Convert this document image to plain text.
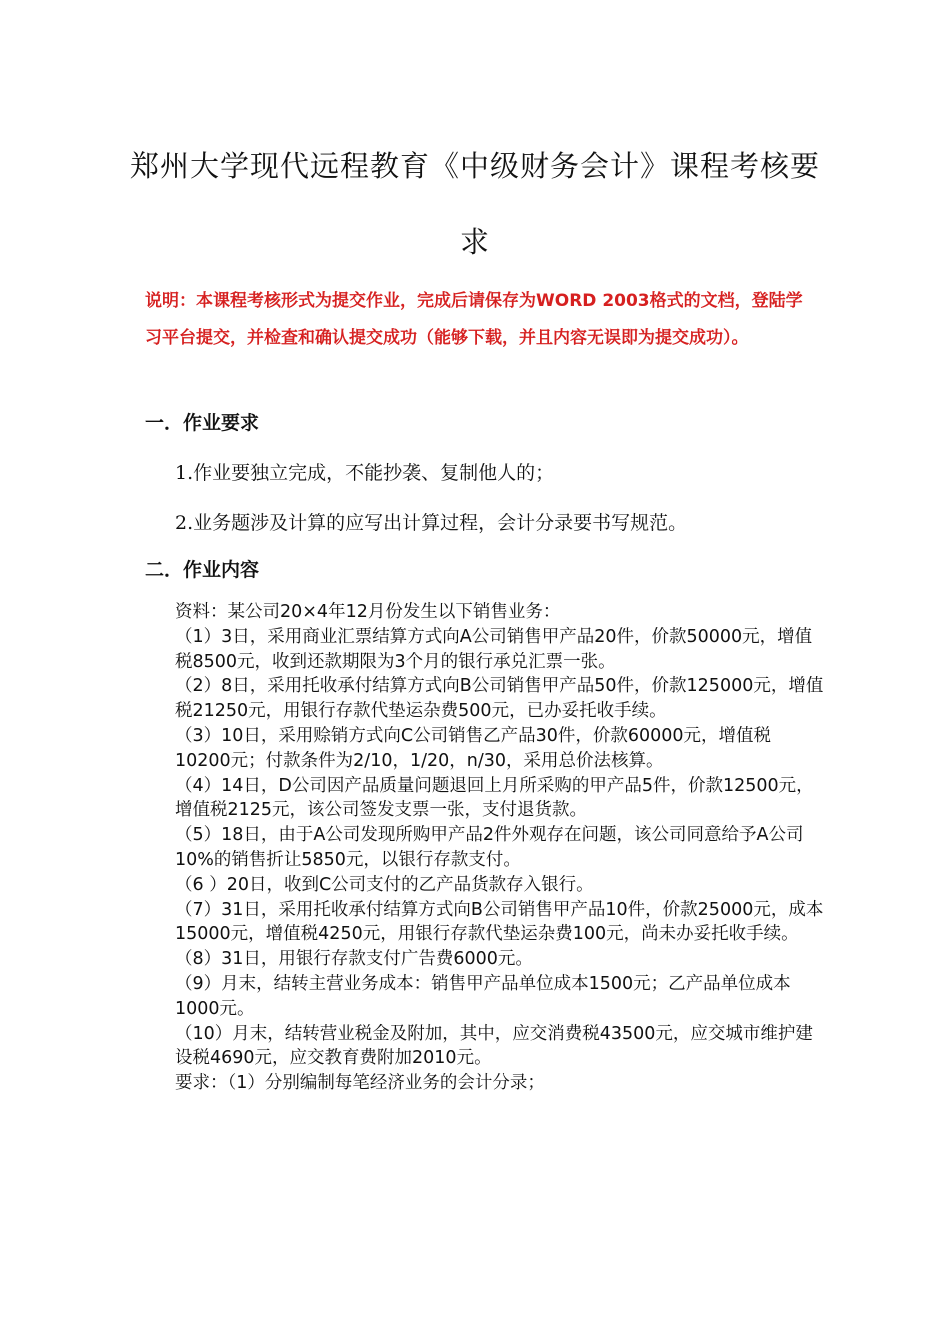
郑州大学现代远程教育《中级财务会计》课程考核要
求
说明：本课程考核形式为提交作业，完成后请保存为WORD 2003格式的文档，登陆学习平台提交，并检查和确认提交成功（能够下载，并且内容无误即为提交成功）。
一．作业要求
1.作业要独立完成，不能抄袭、复制他人的；
2.业务题涉及计算的应写出计算过程，会计分录要书写规范。
二．作业内容

资料：某公司20×4年12月份发生以下销售业务：

（1）3日，采用商业汇票结算方式向A公司销售甲产品20件，价款50000元，增值税8500元，收到还款期限为3个月的银行承兑汇票一张。

（2）8日，采用托收承付结算方式向B公司销售甲产品50件，价款125000元，增值税21250元，用银行存款代垫运杂费500元，已办妥托收手续。

（3）10日，采用赊销方式向C公司销售乙产品30件，价款60000元，增值税10200元；付款条件为2/10，1/20，n/30，采用总价法核算。

（4）14日，D公司因产品质量问题退回上月所采购的甲产品5件，价款12500元，增值税2125元，该公司签发支票一张，支付退货款。

（5）18日，由于A公司发现所购甲产品2件外观存在问题，该公司同意给予A公司10%的销售折让5850元，以银行存款支付。

（6 ）20日，收到C公司支付的乙产品货款存入银行。

（7）31日，采用托收承付结算方式向B公司销售甲产品10件，价款25000元，成本15000元，增值税4250元，用银行存款代垫运杂费100元，尚未办妥托收手续。

（8）31日，用银行存款支付广告费6000元。

（9）月末，结转主营业务成本：销售甲产品单位成本1500元；乙产品单位成本1000元。

（10）月末，结转营业税金及附加，其中，应交消费税43500元，应交城市维护建设税4690元，应交教育费附加2010元。

要求：（1）分别编制每笔经济业务的会计分录；
